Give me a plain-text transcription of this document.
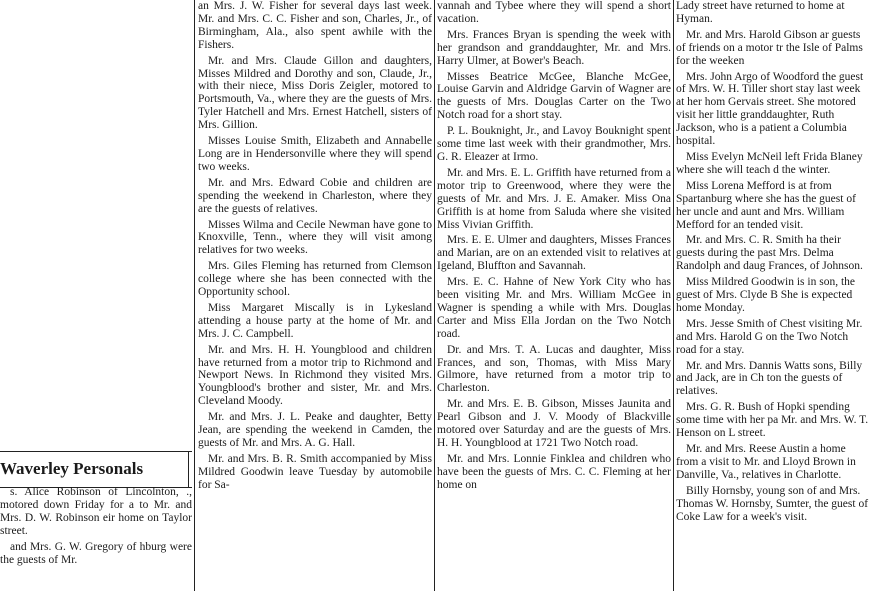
Waverley Personals

s. Alice Robinson of Lincolnton, ., motored down Friday for a to Mr. and Mrs. D. W. Robinson eir home on Taylor street.

and Mrs. G. W. Gregory of hburg were the guests of Mr.

an Mrs. J. W. Fisher for several days last week. Mr. and Mrs. C. C. Fisher and son, Charles, Jr., of Birmingham, Ala., also spent awhile with the Fishers.

Mr. and Mrs. Claude Gillon and daughters, Misses Mildred and Dorothy and son, Claude, Jr., with their niece, Miss Doris Zeigler, motored to Portsmouth, Va., where they are the guests of Mrs. Tyler Hatchell and Mrs. Ernest Hatchell, sisters of Mrs. Gillion.

Misses Louise Smith, Elizabeth and Annabelle Long are in Hendersonville where they will spend two weeks.

Mr. and Mrs. Edward Cobie and children are spending the weekend in Charleston, where they are the guests of relatives.

Misses Wilma and Cecile Newman have gone to Knoxville, Tenn., where they will visit among relatives for two weeks.

Mrs. Giles Fleming has returned from Clemson college where she has been connected with the Opportunity school.

Miss Margaret Miscally is in Lykesland attending a house party at the home of Mr. and Mrs. J. C. Campbell.

Mr. and Mrs. H. H. Youngblood and children have returned from a motor trip to Richmond and Newport News. In Richmond they visited Mrs. Youngblood's brother and sister, Mr. and Mrs. Cleveland Moody.

Mr. and Mrs. J. L. Peake and daughter, Betty Jean, are spending the weekend in Camden, the guests of Mr. and Mrs. A. G. Hall.

Mr. and Mrs. B. R. Smith accompanied by Miss Mildred Goodwin leave Tuesday by automobile for Sa-

vannah and Tybee where they will spend a short vacation.

Mrs. Frances Bryan is spending the week with her grandson and granddaughter, Mr. and Mrs. Harry Ulmer, at Bower's Beach.

Misses Beatrice McGee, Blanche McGee, Louise Garvin and Aldridge Garvin of Wagner are the guests of Mrs. Douglas Carter on the Two Notch road for a short stay.

P. L. Bouknight, Jr., and Lavoy Bouknight spent some time last week with their grandmother, Mrs. G. R. Eleazer at Irmo.

Mr. and Mrs. E. L. Griffith have returned from a motor trip to Greenwood, where they were the guests of Mr. and Mrs. J. E. Amaker. Miss Ona Griffith is at home from Saluda where she visited Miss Vivian Griffith.

Mrs. E. E. Ulmer and daughters, Misses Frances and Marian, are on an extended visit to relatives at Igeland, Bluffton and Savannah.

Mrs. E. C. Hahne of New York City who has been visiting Mr. and Mrs. William McGee in Wagner is spending a while with Mrs. Douglas Carter and Miss Ella Jordan on the Two Notch road.

Dr. and Mrs. T. A. Lucas and daughter, Miss Frances, and son, Thomas, with Miss Mary Gilmore, have returned from a motor trip to Charleston.

Mr. and Mrs. E. B. Gibson, Misses Jaunita and Pearl Gibson and J. V. Moody of Blackville motored over Saturday and are the guests of Mrs. H. H. Youngblood at 1721 Two Notch road.

Mr. and Mrs. Lonnie Finklea and children who have been the guests of Mrs. C. C. Fleming at her home on

Lady street have returned to home at Hyman.

Mr. and Mrs. Harold Gibson ar guests of friends on a motor tr the Isle of Palms for the weeken

Mrs. John Argo of Woodford the guest of Mrs. W. H. Tiller short stay last week at her hom Gervais street. She motored visit her little granddaughter, Ruth Jackson, who is a patient a Columbia hospital.

Miss Evelyn McNeil left Frida Blaney where she will teach d the winter.

Miss Lorena Mefford is at from Spartanburg where she has the guest of her uncle and aunt and Mrs. William Mefford for an tended visit.

Mr. and Mrs. C. R. Smith ha their guests during the past Mrs. Delma Randolph and daug Frances, of Johnson.

Miss Mildred Goodwin is in son, the guest of Mrs. Clyde B She is expected home Monday.

Mrs. Jesse Smith of Chest visiting Mr. and Mrs. Harold G on the Two Notch road for a stay.

Mr. and Mrs. Dannis Watts sons, Billy and Jack, are in Ch ton the guests of relatives.

Mrs. G. R. Bush of Hopki spending some time with her pa Mr. and Mrs. W. T. Henson on L street.

Mr. and Mrs. Reese Austin a home from a visit to Mr. and Lloyd Brown in Danville, Va., relatives in Charlotte.

Billy Hornsby, young son of and Mrs. Thomas W. Hornsby, Sumter, the guest of Coke Law for a week's visit.
